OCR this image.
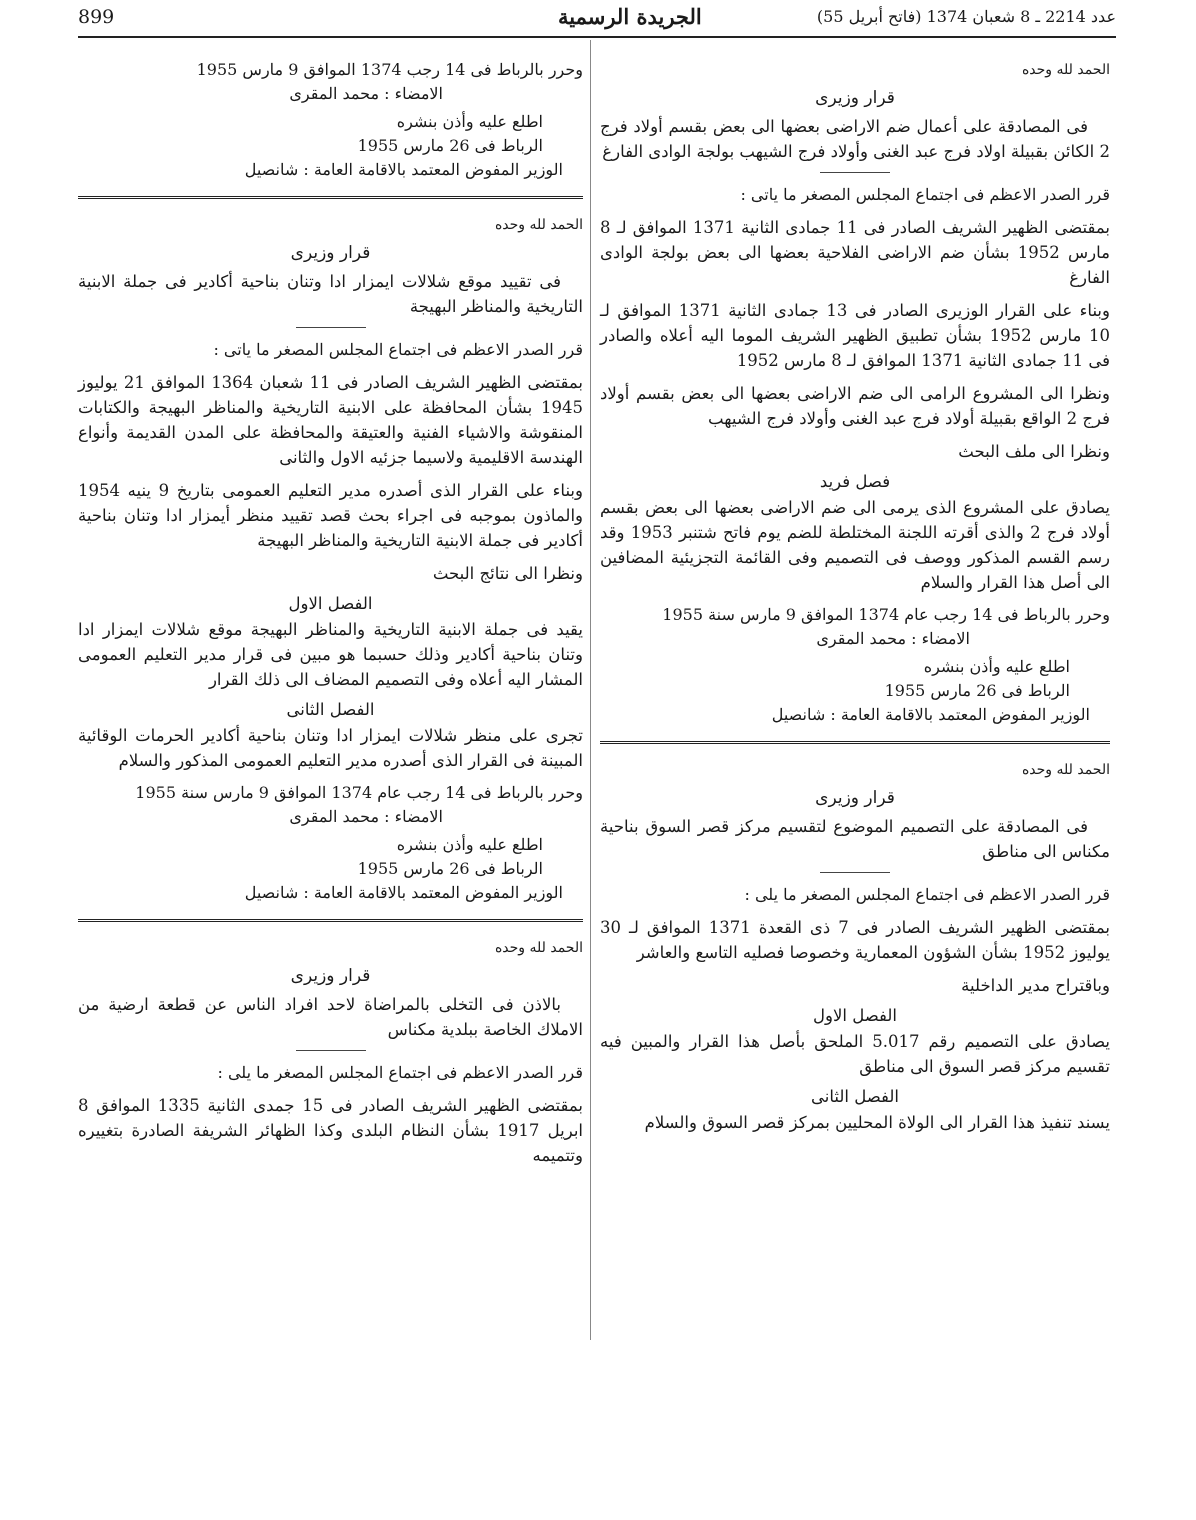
899	الجريدة الرسمية	عدد 2214 ـ 8 شعبان 1374 (فاتح أبريل 55)
الحمد لله وحده
قرار وزيرى

فى المصادقة على أعمال ضم الاراضى بعضها الى بعض بقسم أولاد فرج 2 الكائن بقبيلة اولاد فرج عبد الغنى وأولاد فرج الشيهب بولجة الوادى الفارغ

قرر الصدر الاعظم فى اجتماع المجلس المصغر ما ياتى :

بمقتضى الظهير الشريف الصادر فى 11 جمادى الثانية 1371 الموافق لـ 8 مارس 1952 بشأن ضم الاراضى الفلاحية بعضها الى بعض بولجة الوادى الفارغ

وبناء على القرار الوزيرى الصادر فى 13 جمادى الثانية 1371 الموافق لـ 10 مارس 1952 بشأن تطبيق الظهير الشريف الموما اليه أعلاه والصادر فى 11 جمادى الثانية 1371 الموافق لـ 8 مارس 1952

ونظرا الى المشروع الرامى الى ضم الاراضى بعضها الى بعض بقسم أولاد فرج 2 الواقع بقبيلة أولاد فرج عبد الغنى وأولاد فرج الشيهب

ونظرا الى ملف البحث

فصل فريد

يصادق على المشروع الذى يرمى الى ضم الاراضى بعضها الى بعض بقسم أولاد فرج 2 والذى أقرته اللجنة المختلطة للضم يوم فاتح شتنبر 1953 وقد رسم القسم المذكور ووصف فى التصميم وفى القائمة التجزيئية المضافين الى أصل هذا القرار والسلام

وحرر بالرباط فى 14 رجب عام 1374 الموافق 9 مارس سنة 1955
الامضاء : محمد المقرى
اطلع عليه وأذن بنشره
الرباط فى 26 مارس 1955
الوزير المفوض المعتمد بالاقامة العامة : شانصيل
الحمد لله وحده
قرار وزيرى

فى المصادقة على التصميم الموضوع لتقسيم مركز قصر السوق بناحية مكناس الى مناطق

قرر الصدر الاعظم فى اجتماع المجلس المصغر ما يلى :

بمقتضى الظهير الشريف الصادر فى 7 ذى القعدة 1371 الموافق لـ 30 يوليوز 1952 بشأن الشؤون المعمارية وخصوصا فصليه التاسع والعاشر

وباقتراح مدير الداخلية

الفصل الاول

يصادق على التصميم رقم 5.017 الملحق بأصل هذا القرار والمبين فيه تقسيم مركز قصر السوق الى مناطق

الفصل الثانى

يسند تنفيذ هذا القرار الى الولاة المحليين بمركز قصر السوق والسلام

وحرر بالرباط فى 14 رجب 1374 الموافق 9 مارس 1955
الامضاء : محمد المقرى
اطلع عليه وأذن بنشره
الرباط فى 26 مارس 1955
الوزير المفوض المعتمد بالاقامة العامة : شانصيل
الحمد لله وحده
قرار وزيرى

فى تقييد موقع شلالات ايمزار ادا وتنان بناحية أكادير فى جملة الابنية التاريخية والمناظر البهيجة

قرر الصدر الاعظم فى اجتماع المجلس المصغر ما ياتى :

بمقتضى الظهير الشريف الصادر فى 11 شعبان 1364 الموافق 21 يوليوز 1945 بشأن المحافظة على الابنية التاريخية والمناظر البهيجة والكتابات المنقوشة والاشياء الفنية والعتيقة والمحافظة على المدن القديمة وأنواع الهندسة الاقليمية ولاسيما جزئيه الاول والثانى

وبناء على القرار الذى أصدره مدير التعليم العمومى بتاريخ 9 ينيه 1954 والماذون بموجبه فى اجراء بحث قصد تقييد منظر أيمزار ادا وتنان بناحية أكادير فى جملة الابنية التاريخية والمناظر البهيجة

ونظرا الى نتائج البحث

الفصل الاول

يقيد فى جملة الابنية التاريخية والمناظر البهيجة موقع شلالات ايمزار ادا وتنان بناحية أكادير وذلك حسبما هو مبين فى قرار مدير التعليم العمومى المشار اليه أعلاه وفى التصميم المضاف الى ذلك القرار

الفصل الثانى

تجرى على منظر شلالات ايمزار ادا وتنان بناحية أكادير الحرمات الوقائية المبينة فى القرار الذى أصدره مدير التعليم العمومى المذكور والسلام

وحرر بالرباط فى 14 رجب عام 1374 الموافق 9 مارس سنة 1955
الامضاء : محمد المقرى
اطلع عليه وأذن بنشره
الرباط فى 26 مارس 1955
الوزير المفوض المعتمد بالاقامة العامة : شانصيل
الحمد لله وحده
قرار وزيرى

بالاذن فى التخلى بالمراضاة لاحد افراد الناس عن قطعة ارضية من الاملاك الخاصة ببلدية مكناس

قرر الصدر الاعظم فى اجتماع المجلس المصغر ما يلى :

بمقتضى الظهير الشريف الصادر فى 15 جمدى الثانية 1335 الموافق 8 ابريل 1917 بشأن النظام البلدى وكذا الظهائر الشريفة الصادرة بتغييره وتتميمه
